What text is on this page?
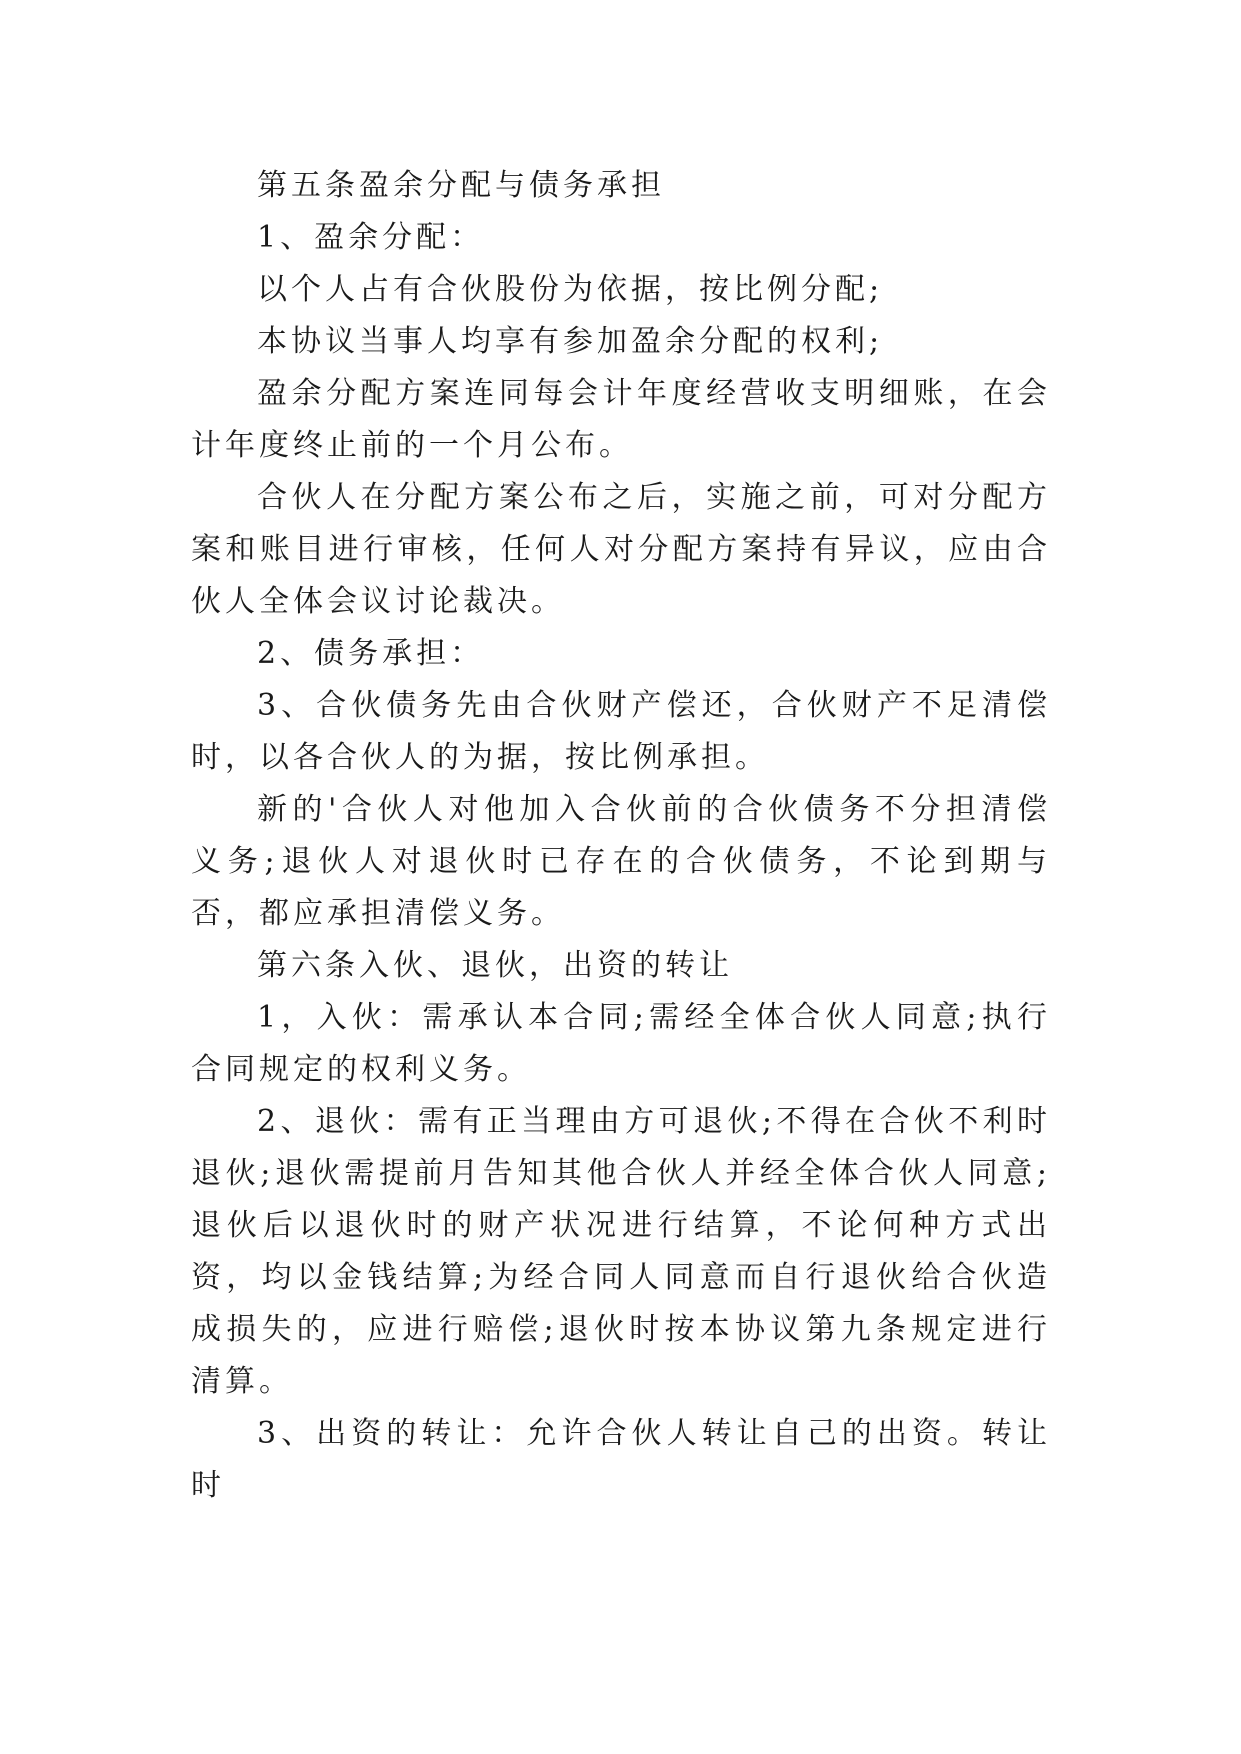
第五条盈余分配与债务承担

1、盈余分配：

以个人占有合伙股份为依据，按比例分配;

本协议当事人均享有参加盈余分配的权利;

盈余分配方案连同每会计年度经营收支明细账，在会计年度终止前的一个月公布。

合伙人在分配方案公布之后，实施之前，可对分配方案和账目进行审核，任何人对分配方案持有异议，应由合伙人全体会议讨论裁决。

2、债务承担：

3、合伙债务先由合伙财产偿还，合伙财产不足清偿时，以各合伙人的为据，按比例承担。

新的'合伙人对他加入合伙前的合伙债务不分担清偿义务;退伙人对退伙时已存在的合伙债务，不论到期与否，都应承担清偿义务。

第六条入伙、退伙，出资的转让

1，入伙：需承认本合同;需经全体合伙人同意;执行合同规定的权利义务。

2、退伙：需有正当理由方可退伙;不得在合伙不利时退伙;退伙需提前月告知其他合伙人并经全体合伙人同意;退伙后以退伙时的财产状况进行结算，不论何种方式出资，均以金钱结算;为经合同人同意而自行退伙给合伙造成损失的，应进行赔偿;退伙时按本协议第九条规定进行清算。

3、出资的转让：允许合伙人转让自己的出资。转让时
